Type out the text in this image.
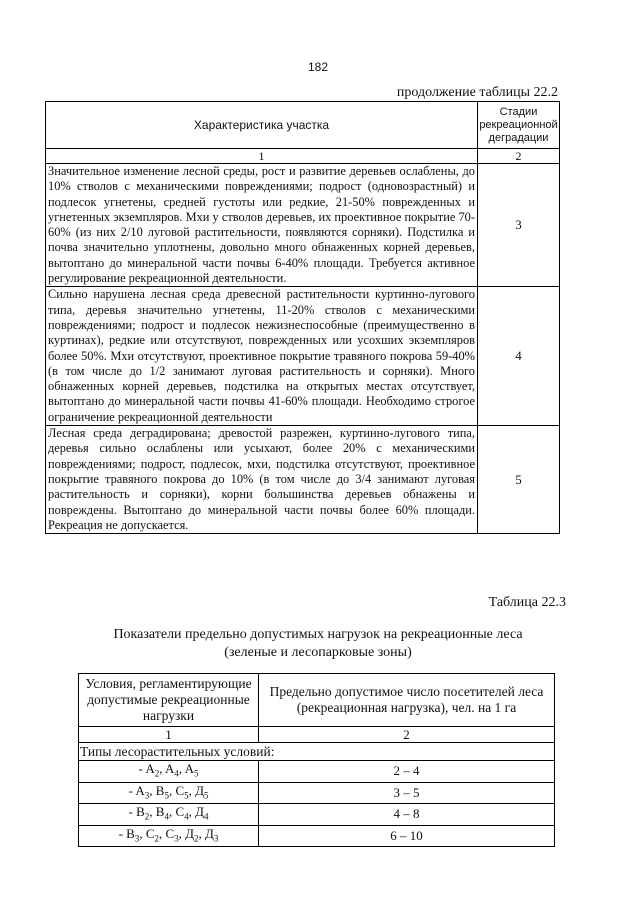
182
продолжение таблицы 22.2
Характеристика участка	Стадии рекреационной деградации
1	2
Значительное изменение лесной среды, рост и развитие деревьев ослаблены, до 10% стволов с механическими повреждениями; подрост (одновозрастный) и подлесок угнетены, средней густоты или редкие, 21-50% поврежденных и угнетенных экземпляров. Мхи у стволов деревьев, их проективное покрытие 70-60% (из них 2/10 луговой растительности, появляются сорняки). Подстилка и почва значительно уплотнены, довольно много обнаженных корней деревьев, вытоптано до минеральной части почвы 6-40% площади. Требуется активное регулирование рекреационной деятельности.	3
Сильно нарушена лесная среда древесной растительности куртинно-лугового типа, деревья значительно угнетены, 11-20% стволов с механическими повреждениями; подрост и подлесок нежизнеспособные (преимущественно в куртинах), редкие или отсутствуют, поврежденных или усохших экземпляров более 50%. Мхи отсутствуют, проективное покрытие травяного покрова 59-40% (в том числе до 1/2 занимают луговая растительность и сорняки). Много обнаженных корней деревьев, подстилка на открытых местах отсутствует, вытоптано до минеральной части почвы 41-60% площади. Необходимо строгое ограничение рекреационной деятельности	4
Лесная среда деградирована; древостой разрежен, куртинно-лугового типа, деревья сильно ослаблены или усыхают, более 20% с механическими повреждениями; подрост, подлесок, мхи, подстилка отсутствуют, проективное покрытие травяного покрова до 10% (в том числе до 3/4 занимают луговая растительность и сорняки), корни большинства деревьев обнажены и повреждены. Вытоптано до минеральной части почвы более 60% площади. Рекреация не допускается.	5
Таблица 22.3
Показатели предельно допустимых нагрузок на рекреационные леса
(зеленые и лесопарковые зоны)
Условия, регламентирующие допустимые рекреационные нагрузки	Предельно допустимое число посетителей леса (рекреационная нагрузка), чел. на 1 га
1	2
Типы лесорастительных условий:	
- $A_2$, $A_4$, $A_5$	2 – 4
- $A_3$, $B_5$, $C_5$, $Д_5$	3 – 5
- $B_2$, $B_4$, $C_4$, $Д_4$	4 – 8
- $B_3$, $C_2$, $C_3$, $Д_2$, $Д_3$	6 – 10
